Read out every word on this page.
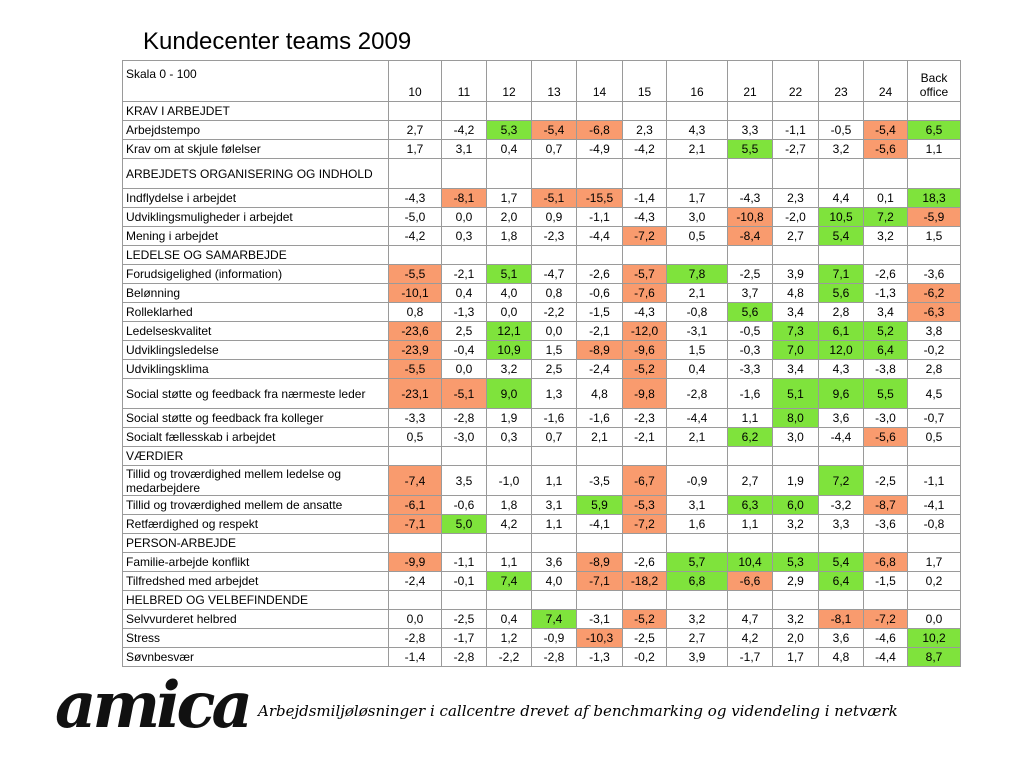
Kundecenter teams 2009
Skala 0 - 100	10	11	12	13	14	15	16	21	22	23	24	Back office
KRAV I ARBEJDET												
Arbejdstempo	2,7	-4,2	5,3	-5,4	-6,8	2,3	4,3	3,3	-1,1	-0,5	-5,4	6,5
Krav om at skjule følelser	1,7	3,1	0,4	0,7	-4,9	-4,2	2,1	5,5	-2,7	3,2	-5,6	1,1
ARBEJDETS ORGANISERING OG INDHOLD												
Indflydelse i arbejdet	-4,3	-8,1	1,7	-5,1	-15,5	-1,4	1,7	-4,3	2,3	4,4	0,1	18,3
Udviklingsmuligheder i arbejdet	-5,0	0,0	2,0	0,9	-1,1	-4,3	3,0	-10,8	-2,0	10,5	7,2	-5,9
Mening i arbejdet	-4,2	0,3	1,8	-2,3	-4,4	-7,2	0,5	-8,4	2,7	5,4	3,2	1,5
LEDELSE OG SAMARBEJDE												
Forudsigelighed (information)	-5,5	-2,1	5,1	-4,7	-2,6	-5,7	7,8	-2,5	3,9	7,1	-2,6	-3,6
Belønning	-10,1	0,4	4,0	0,8	-0,6	-7,6	2,1	3,7	4,8	5,6	-1,3	-6,2
Rolleklarhed	0,8	-1,3	0,0	-2,2	-1,5	-4,3	-0,8	5,6	3,4	2,8	3,4	-6,3
Ledelseskvalitet	-23,6	2,5	12,1	0,0	-2,1	-12,0	-3,1	-0,5	7,3	6,1	5,2	3,8
Udviklingsledelse	-23,9	-0,4	10,9	1,5	-8,9	-9,6	1,5	-0,3	7,0	12,0	6,4	-0,2
Udviklingsklima	-5,5	0,0	3,2	2,5	-2,4	-5,2	0,4	-3,3	3,4	4,3	-3,8	2,8
Social støtte og feedback fra nærmeste leder	-23,1	-5,1	9,0	1,3	4,8	-9,8	-2,8	-1,6	5,1	9,6	5,5	4,5
Social støtte og feedback fra kolleger	-3,3	-2,8	1,9	-1,6	-1,6	-2,3	-4,4	1,1	8,0	3,6	-3,0	-0,7
Socialt fællesskab i arbejdet	0,5	-3,0	0,3	0,7	2,1	-2,1	2,1	6,2	3,0	-4,4	-5,6	0,5
VÆRDIER												
Tillid og troværdighed mellem ledelse og medarbejdere	-7,4	3,5	-1,0	1,1	-3,5	-6,7	-0,9	2,7	1,9	7,2	-2,5	-1,1
Tillid og troværdighed mellem de ansatte	-6,1	-0,6	1,8	3,1	5,9	-5,3	3,1	6,3	6,0	-3,2	-8,7	-4,1
Retfærdighed og respekt	-7,1	5,0	4,2	1,1	-4,1	-7,2	1,6	1,1	3,2	3,3	-3,6	-0,8
PERSON-ARBEJDE												
Familie-arbejde konflikt	-9,9	-1,1	1,1	3,6	-8,9	-2,6	5,7	10,4	5,3	5,4	-6,8	1,7
Tilfredshed med arbejdet	-2,4	-0,1	7,4	4,0	-7,1	-18,2	6,8	-6,6	2,9	6,4	-1,5	0,2
HELBRED OG VELBEFINDENDE												
Selvvurderet helbred	0,0	-2,5	0,4	7,4	-3,1	-5,2	3,2	4,7	3,2	-8,1	-7,2	0,0
Stress	-2,8	-1,7	1,2	-0,9	-10,3	-2,5	2,7	4,2	2,0	3,6	-4,6	10,2
Søvnbesvær	-1,4	-2,8	-2,2	-2,8	-1,3	-0,2	3,9	-1,7	1,7	4,8	-4,4	8,7
amica Arbejdsmiljøløsninger i callcentre drevet af benchmarking og videndeling i netværk
